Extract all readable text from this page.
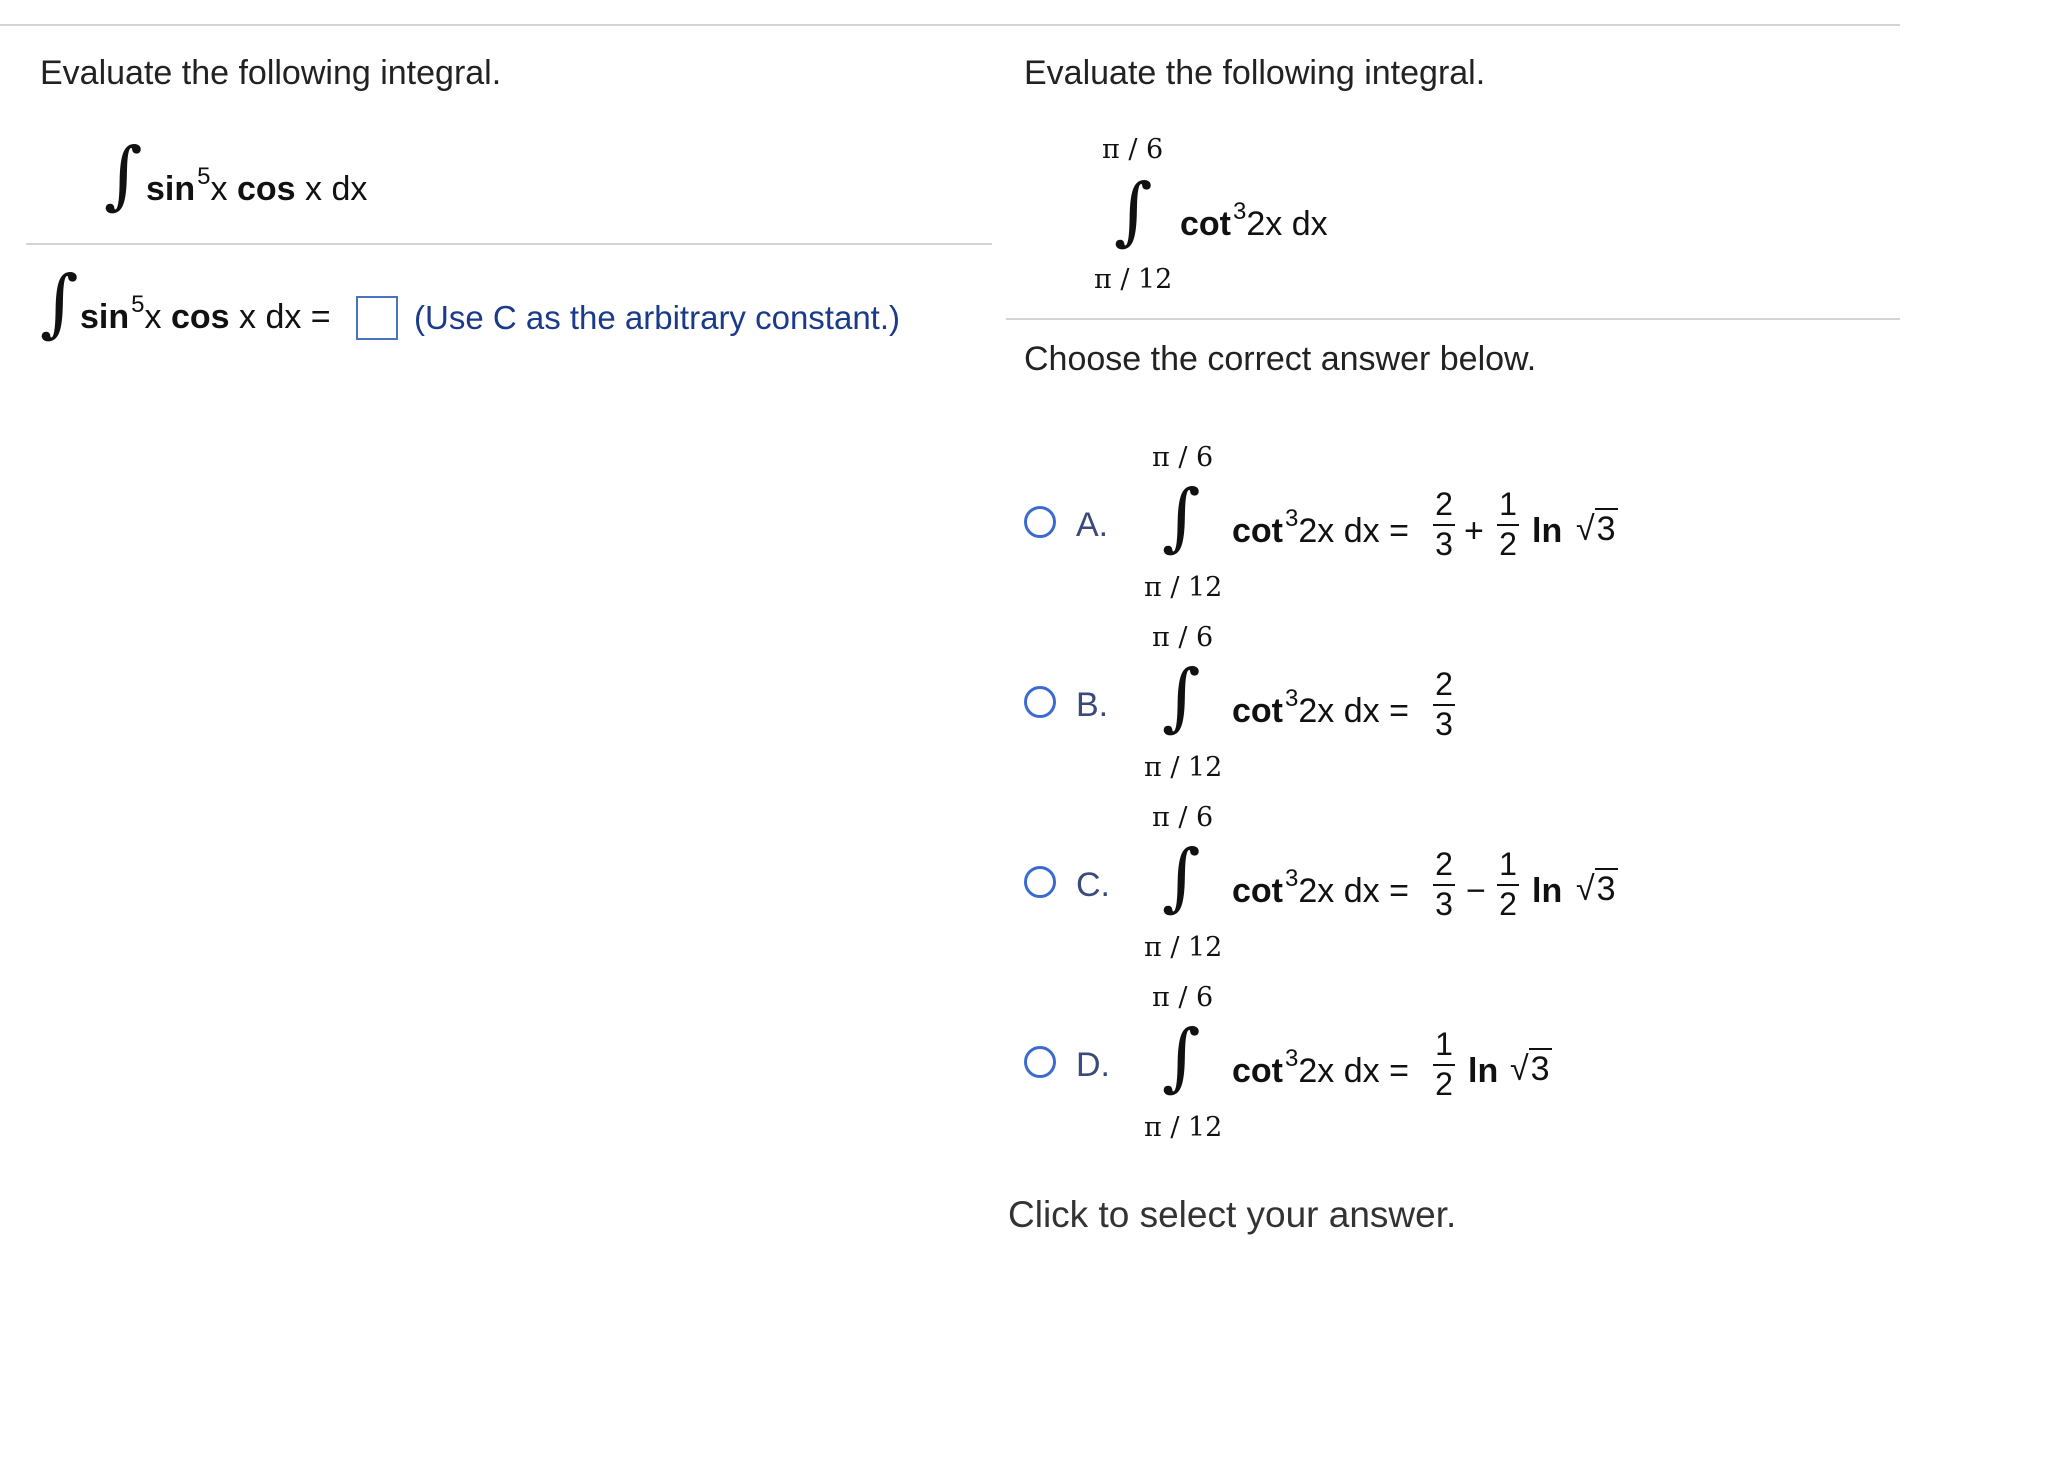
Evaluate the following integral.
∫ $\sin^5x$ cos x dx
∫ $\sin^5x$ cos x dx =	(Use C as the arbitrary constant.)
Evaluate the following integral.
π / 6
∫
π / 12
$\cot^32x$ dx
Choose the correct answer below.
A.
π / 6
∫
π / 12
$\cot^32x$ dx =
2
3 +
1
2 ln √3
B.
π / 6
∫
π / 12
$\cot^32x$ dx =
2
3
C.
π / 6
∫
π / 12
$\cot^32x$ dx =
2
3 −
1
2 ln √3
D.
π / 6
∫
π / 12
$\cot^32x$ dx =
1
2 ln √3
Click to select your answer.
